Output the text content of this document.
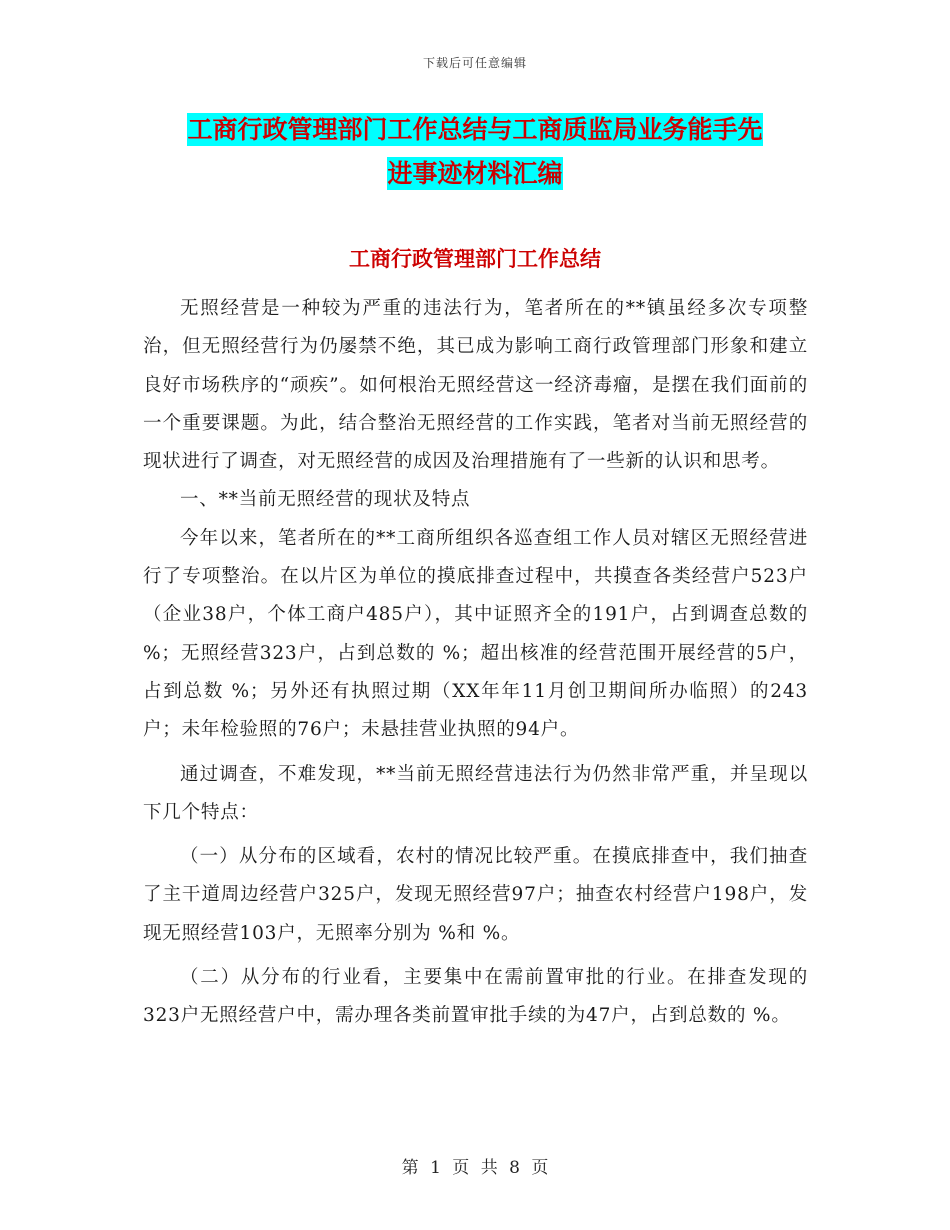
下载后可任意编辑
工商行政管理部门工作总结与工商质监局业务能手先
进事迹材料汇编
工商行政管理部门工作总结

无照经营是一种较为严重的违法行为，笔者所在的**镇虽经多次专项整治，但无照经营行为仍屡禁不绝，其已成为影响工商行政管理部门形象和建立良好市场秩序的“顽疾”。如何根治无照经营这一经济毒瘤，是摆在我们面前的一个重要课题。为此，结合整治无照经营的工作实践，笔者对当前无照经营的现状进行了调查，对无照经营的成因及治理措施有了一些新的认识和思考。

一、**当前无照经营的现状及特点

今年以来，笔者所在的**工商所组织各巡查组工作人员对辖区无照经营进行了专项整治。在以片区为单位的摸底排查过程中，共摸查各类经营户523户（企业38户，个体工商户485户），其中证照齐全的191户，占到调查总数的 %；无照经营323户，占到总数的 %；超出核准的经营范围开展经营的5户，占到总数 %；另外还有执照过期（XX年年11月创卫期间所办临照）的243户；未年检验照的76户；未悬挂营业执照的94户。

通过调查，不难发现，**当前无照经营违法行为仍然非常严重，并呈现以下几个特点：

（一）从分布的区域看，农村的情况比较严重。在摸底排查中，我们抽查了主干道周边经营户325户，发现无照经营97户；抽查农村经营户198户，发现无照经营103户，无照率分别为 %和 %。

（二）从分布的行业看，主要集中在需前置审批的行业。在排查发现的323户无照经营户中，需办理各类前置审批手续的为47户，占到总数的 %。

第 1 页 共 8 页
